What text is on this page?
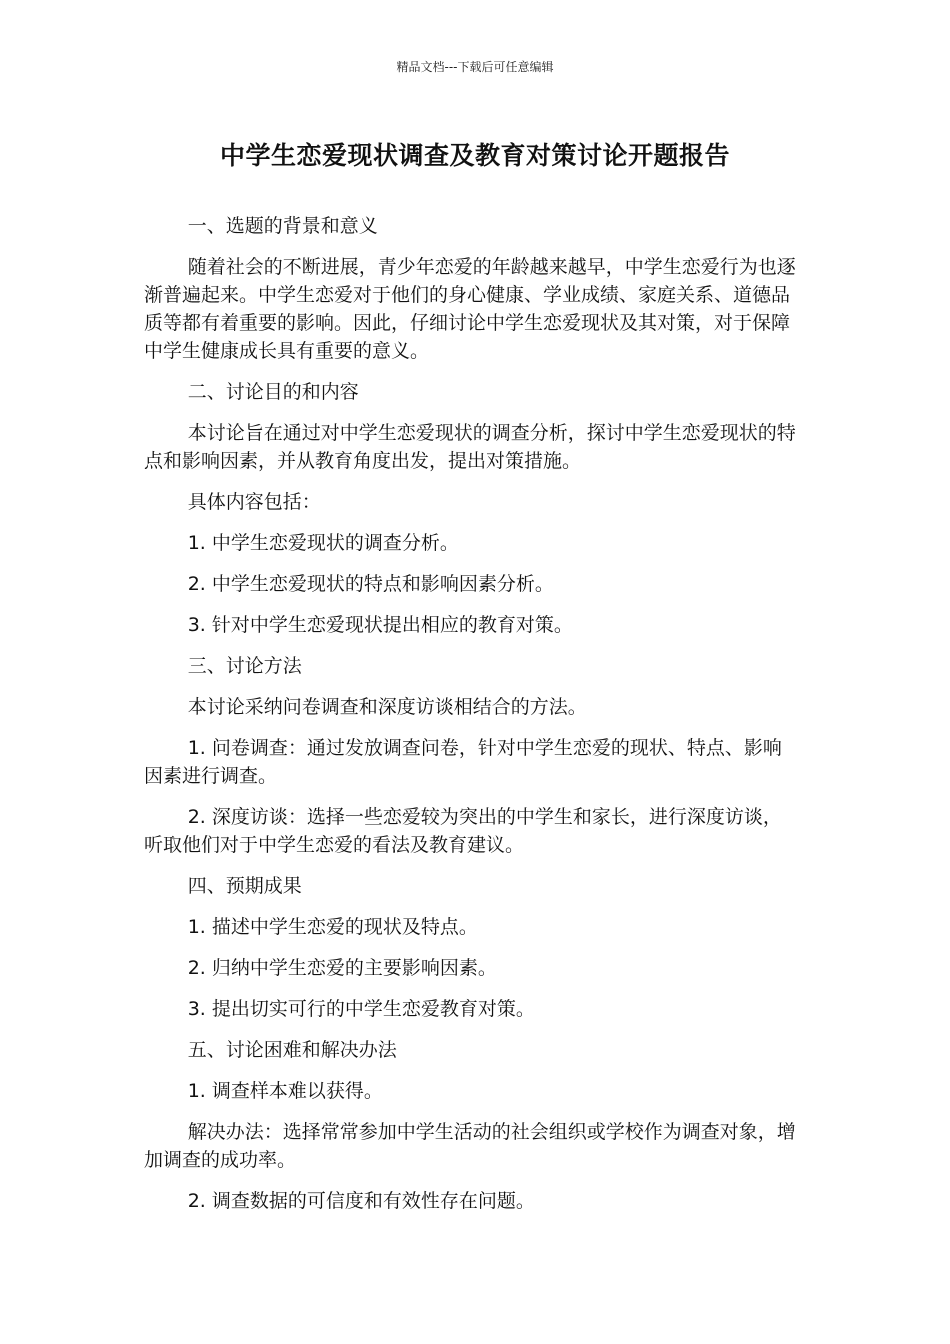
精品文档---下载后可任意编辑
中学生恋爱现状调查及教育对策讨论开题报告

一、选题的背景和意义

随着社会的不断进展，青少年恋爱的年龄越来越早，中学生恋爱行为也逐渐普遍起来。中学生恋爱对于他们的身心健康、学业成绩、家庭关系、道德品质等都有着重要的影响。因此，仔细讨论中学生恋爱现状及其对策，对于保障中学生健康成长具有重要的意义。

二、讨论目的和内容

本讨论旨在通过对中学生恋爱现状的调查分析，探讨中学生恋爱现状的特点和影响因素，并从教育角度出发，提出对策措施。

具体内容包括：

1. 中学生恋爱现状的调查分析。

2. 中学生恋爱现状的特点和影响因素分析。

3. 针对中学生恋爱现状提出相应的教育对策。

三、讨论方法

本讨论采纳问卷调查和深度访谈相结合的方法。

1. 问卷调查：通过发放调查问卷，针对中学生恋爱的现状、特点、影响因素进行调查。

2. 深度访谈：选择一些恋爱较为突出的中学生和家长，进行深度访谈，听取他们对于中学生恋爱的看法及教育建议。

四、预期成果

1. 描述中学生恋爱的现状及特点。

2. 归纳中学生恋爱的主要影响因素。

3. 提出切实可行的中学生恋爱教育对策。

五、讨论困难和解决办法

1. 调查样本难以获得。

解决办法：选择常常参加中学生活动的社会组织或学校作为调查对象，增加调查的成功率。

2. 调查数据的可信度和有效性存在问题。
